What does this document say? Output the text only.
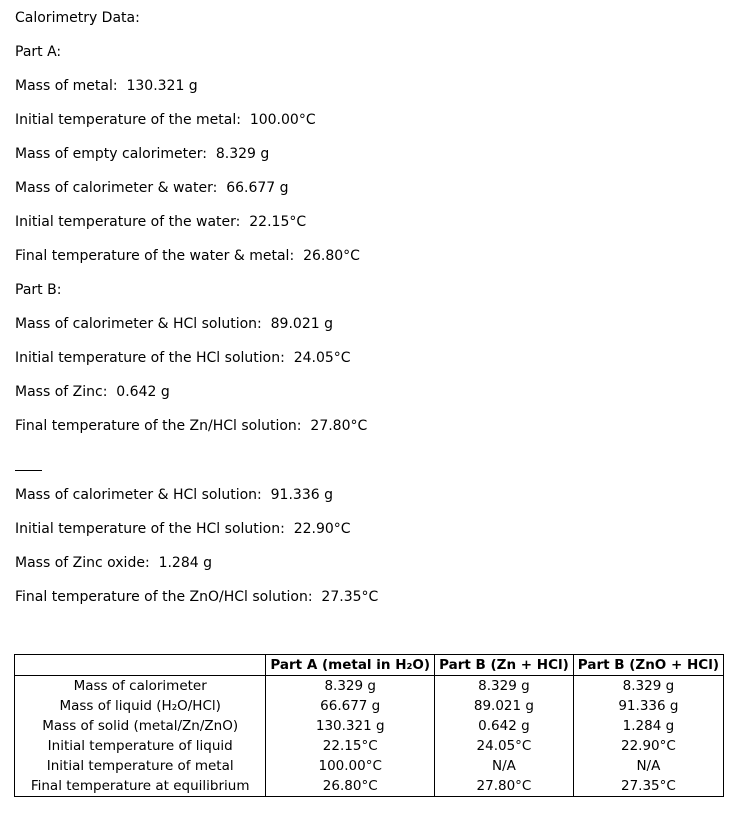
Calorimetry Data:
Part A:
Mass of metal:  130.321 g
Initial temperature of the metal:  100.00°C
Mass of empty calorimeter:  8.329 g
Mass of calorimeter & water:  66.677 g
Initial temperature of the water:  22.15°C
Final temperature of the water & metal:  26.80°C
Part B:
Mass of calorimeter & HCl solution:  89.021 g
Initial temperature of the HCl solution:  24.05°C
Mass of Zinc:  0.642 g
Final temperature of the Zn/HCl solution:  27.80°C
Mass of calorimeter & HCl solution:  91.336 g
Initial temperature of the HCl solution:  22.90°C
Mass of Zinc oxide:  1.284 g
Final temperature of the ZnO/HCl solution:  27.35°C
	Part A (metal in H₂O)	Part B (Zn + HCl)	Part B (ZnO + HCl)
Mass of calorimeter	8.329 g	8.329 g	8.329 g
Mass of liquid (H₂O/HCl)	66.677 g	89.021 g	91.336 g
Mass of solid (metal/Zn/ZnO)	130.321 g	0.642 g	1.284 g
Initial temperature of liquid	22.15°C	24.05°C	22.90°C
Initial temperature of metal	100.00°C	N/A	N/A
Final temperature at equilibrium	26.80°C	27.80°C	27.35°C
